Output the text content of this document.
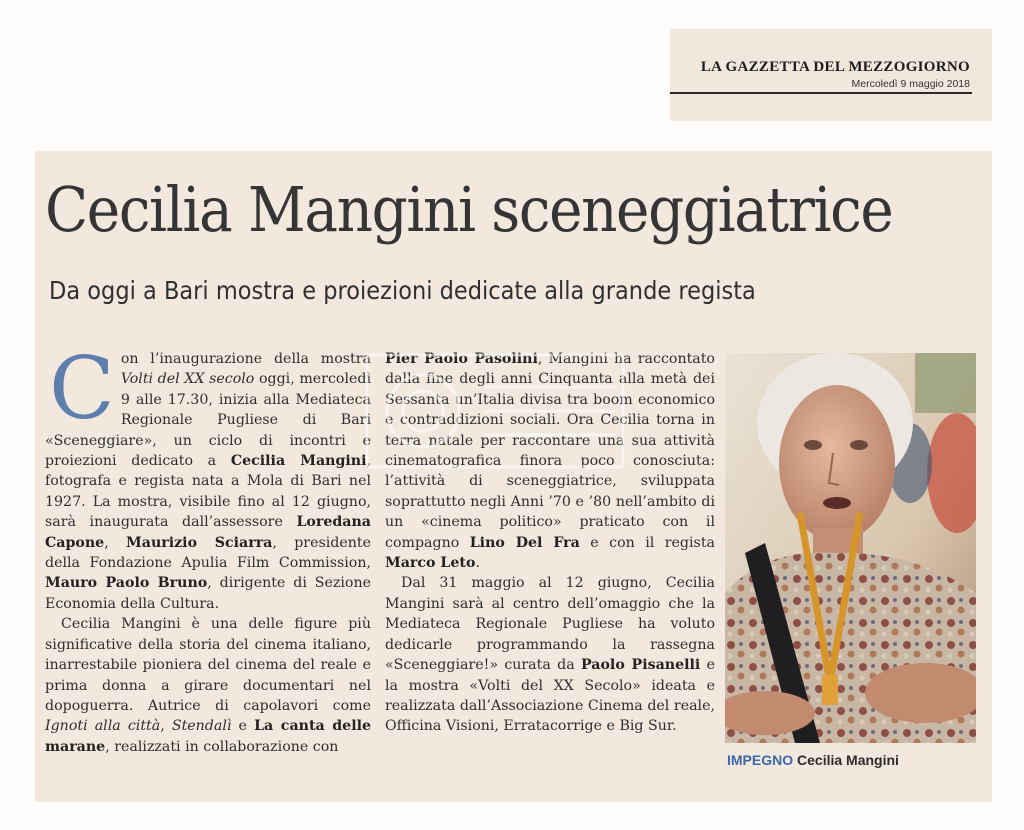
LA GAZZETTA DEL MEZZOGIORNO
Mercoledì 9 maggio 2018
Cecilia Mangini sceneggiatrice
Da oggi a Bari mostra e proiezioni dedicate alla grande regista

Con l’inaugurazione della mostra Volti del XX secolo oggi, mercoledì 9 alle 17.30, inizia alla Mediateca Regionale Pugliese di Bari «Sceneggiare», un ciclo di incontri e proiezioni dedicato a Cecilia Mangini, fotografa e regista nata a Mola di Bari nel 1927. La mostra, visibile fino al 12 giugno, sarà inaugurata dall’assessore Loredana Capone, Maurizio Sciarra, presidente della Fondazione Apulia Film Commission, Mauro Paolo Bruno, dirigente di Sezione Economia della Cultura.

Cecilia Mangini è una delle figure più significative della storia del cinema italiano, inarrestabile pioniera del cinema del reale e prima donna a girare documentari nel dopoguerra. Autrice di capolavori come Ignoti alla città, Stendalì e La canta delle marane, realizzati in collaborazione con

Pier Paolo Pasolini, Mangini ha raccontato dalla fine degli anni Cinquanta alla metà dei Sessanta un’Italia divisa tra boom economico e contraddizioni sociali. Ora Cecilia torna in terra natale per raccontare una sua attività cinematografica finora poco conosciuta: l’attività di sceneggiatrice, sviluppata soprattutto negli Anni ’70 e ’80 nell’ambito di un «cinema politico» praticato con il compagno Lino Del Fra e con il regista Marco Leto.

Dal 31 maggio al 12 giugno, Cecilia Mangini sarà al centro dell’omaggio che la Mediateca Regionale Pugliese ha voluto dedicarle programmando la rassegna «Sceneggiare!» curata da Paolo Pisanelli e la mostra «Volti del XX Secolo» ideata e realizzata dall’Associazione Cinema del reale, Officina Visioni, Erratacorrige e Big Sur.

IMPEGNO Cecilia Mangini
